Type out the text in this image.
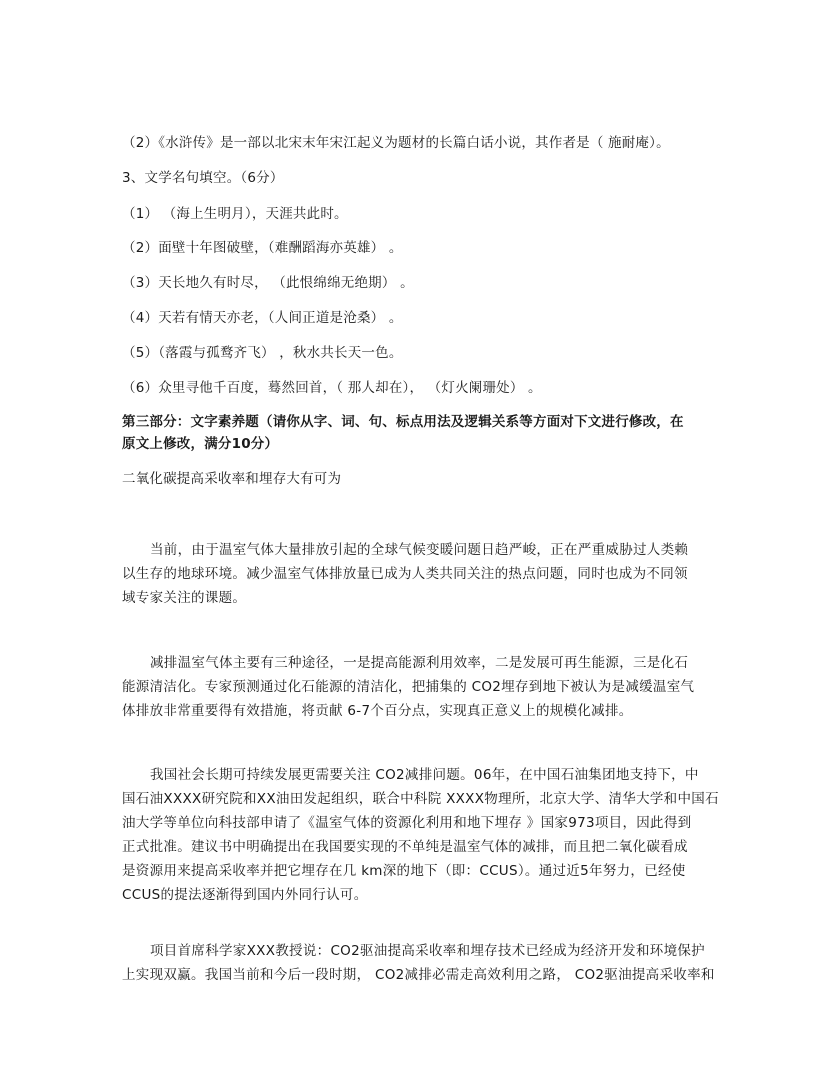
（2）《水浒传》是一部以北宋末年宋江起义为题材的长篇白话小说，其作者是（ 施耐庵）。
3、文学名句填空。（6分）
（1） （海上生明月），天涯共此时。
（2）面壁十年图破壁，（难酬蹈海亦英雄） 。
（3）天长地久有时尽， （此恨绵绵无绝期） 。
（4）天若有情天亦老，（人间正道是沧桑） 。
（5）（落霞与孤鹜齐飞） ，秋水共长天一色。
（6）众里寻他千百度，蓦然回首，（ 那人却在）， （灯火阑珊处） 。
第三部分：文字素养题（请你从字、词、句、标点用法及逻辑关系等方面对下文进行修改，在
原文上修改，满分10分）
二氧化碳提高采收率和埋存大有可为
当前，由于温室气体大量排放引起的全球气候变暖问题日趋严峻，正在严重威胁过人类赖
以生存的地球环境。减少温室气体排放量已成为人类共同关注的热点问题，同时也成为不同领
域专家关注的课题。
减排温室气体主要有三种途径，一是提高能源利用效率，二是发展可再生能源，三是化石
能源清洁化。专家预测通过化石能源的清洁化，把捕集的 CO2埋存到地下被认为是减缓温室气
体排放非常重要得有效措施，将贡献 6-7个百分点，实现真正意义上的规模化减排。
我国社会长期可持续发展更需要关注 CO2减排问题。06年，在中国石油集团地支持下，中
国石油XXXX研究院和XX油田发起组织，联合中科院 XXXX物理所，北京大学、清华大学和中国石
油大学等单位向科技部申请了《温室气体的资源化利用和地下埋存 》国家973项目，因此得到
正式批准。建议书中明确提出在我国要实现的不单纯是温室气体的减排，而且把二氧化碳看成
是资源用来提高采收率并把它埋存在几 km深的地下（即：CCUS）。通过近5年努力，已经使
CCUS的提法逐渐得到国内外同行认可。
项目首席科学家XXX教授说：CO2驱油提高采收率和埋存技术已经成为经济开发和环境保护
上实现双赢。我国当前和今后一段时期， CO2减排必需走高效利用之路， CO2驱油提高采收率和
